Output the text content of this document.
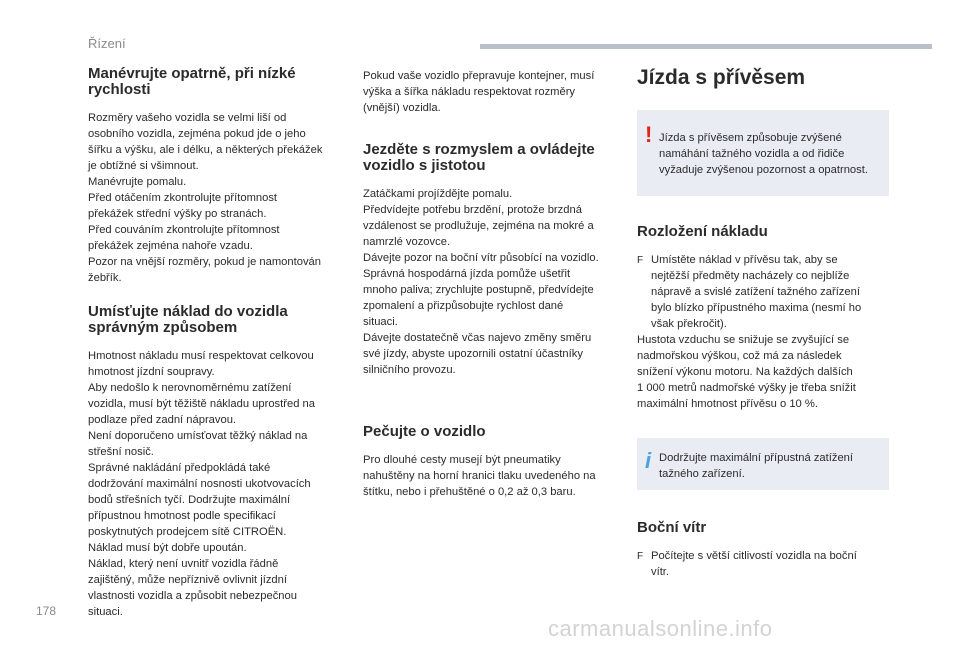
Řízení
Manévrujte opatrně, při nízké
rychlosti

Rozměry vašeho vozidla se velmi liší od
osobního vozidla, zejména pokud jde o jeho
šířku a výšku, ale i délku, a některých překážek
je obtížné si všimnout.
Manévrujte pomalu.
Před otáčením zkontrolujte přítomnost
překážek střední výšky po stranách.
Před couváním zkontrolujte přítomnost
překážek zejména nahoře vzadu.
Pozor na vnější rozměry, pokud je namontován
žebřík.

Umísťujte náklad do vozidla
správným způsobem

Hmotnost nákladu musí respektovat celkovou
hmotnost jízdní soupravy.
Aby nedošlo k nerovnoměrnému zatížení
vozidla, musí být těžiště nákladu uprostřed na
podlaze před zadní nápravou.
Není doporučeno umísťovat těžký náklad na
střešní nosič.
Správné nakládání předpokládá také
dodržování maximální nosnosti ukotvovacích
bodů střešních tyčí. Dodržujte maximální
přípustnou hmotnost podle specifikací
poskytnutých prodejcem sítě CITROËN.
Náklad musí být dobře upoután.
Náklad, který není uvnitř vozidla řádně
zajištěný, může nepříznivě ovlivnit jízdní
vlastnosti vozidla a způsobit nebezpečnou
situaci.

Pokud vaše vozidlo přepravuje kontejner, musí
výška a šířka nákladu respektovat rozměry
(vnější) vozidla.

Jezděte s rozmyslem a ovládejte
vozidlo s jistotou

Zatáčkami projíždějte pomalu.
Předvídejte potřebu brzdění, protože brzdná
vzdálenost se prodlužuje, zejména na mokré a
namrzlé vozovce.
Dávejte pozor na boční vítr působící na vozidlo.
Správná hospodárná jízda pomůže ušetřit
mnoho paliva; zrychlujte postupně, předvídejte
zpomalení a přizpůsobujte rychlost dané
situaci.
Dávejte dostatečně včas najevo změny směru
své jízdy, abyste upozornili ostatní účastníky
silničního provozu.

Pečujte o vozidlo

Pro dlouhé cesty musejí být pneumatiky
nahuštěny na horní hranici tlaku uvedeného na
štítku, nebo i přehuštěné o 0,2 až 0,3 baru.

Jízda s přívěsem
! Jízda s přívěsem způsobuje zvýšené
namáhání tažného vozidla a od řidiče
vyžaduje zvýšenou pozornost a opatrnost.
Rozložení nákladu
F Umístěte náklad v přívěsu tak, aby se
nejtěžší předměty nacházely co nejblíže
nápravě a svislé zatížení tažného zařízení
bylo blízko přípustného maxima (nesmí ho
však překročit).

Hustota vzduchu se snižuje se zvyšující se
nadmořskou výškou, což má za následek
snížení výkonu motoru. Na každých dalších
1 000 metrů nadmořské výšky je třeba snížit
maximální hmotnost přívěsu o 10 %.

i Dodržujte maximální přípustná zatížení
tažného zařízení.
Boční vítr
F Počítejte s větší citlivostí vozidla na boční
vítr.
178
carmanualsonline.info
